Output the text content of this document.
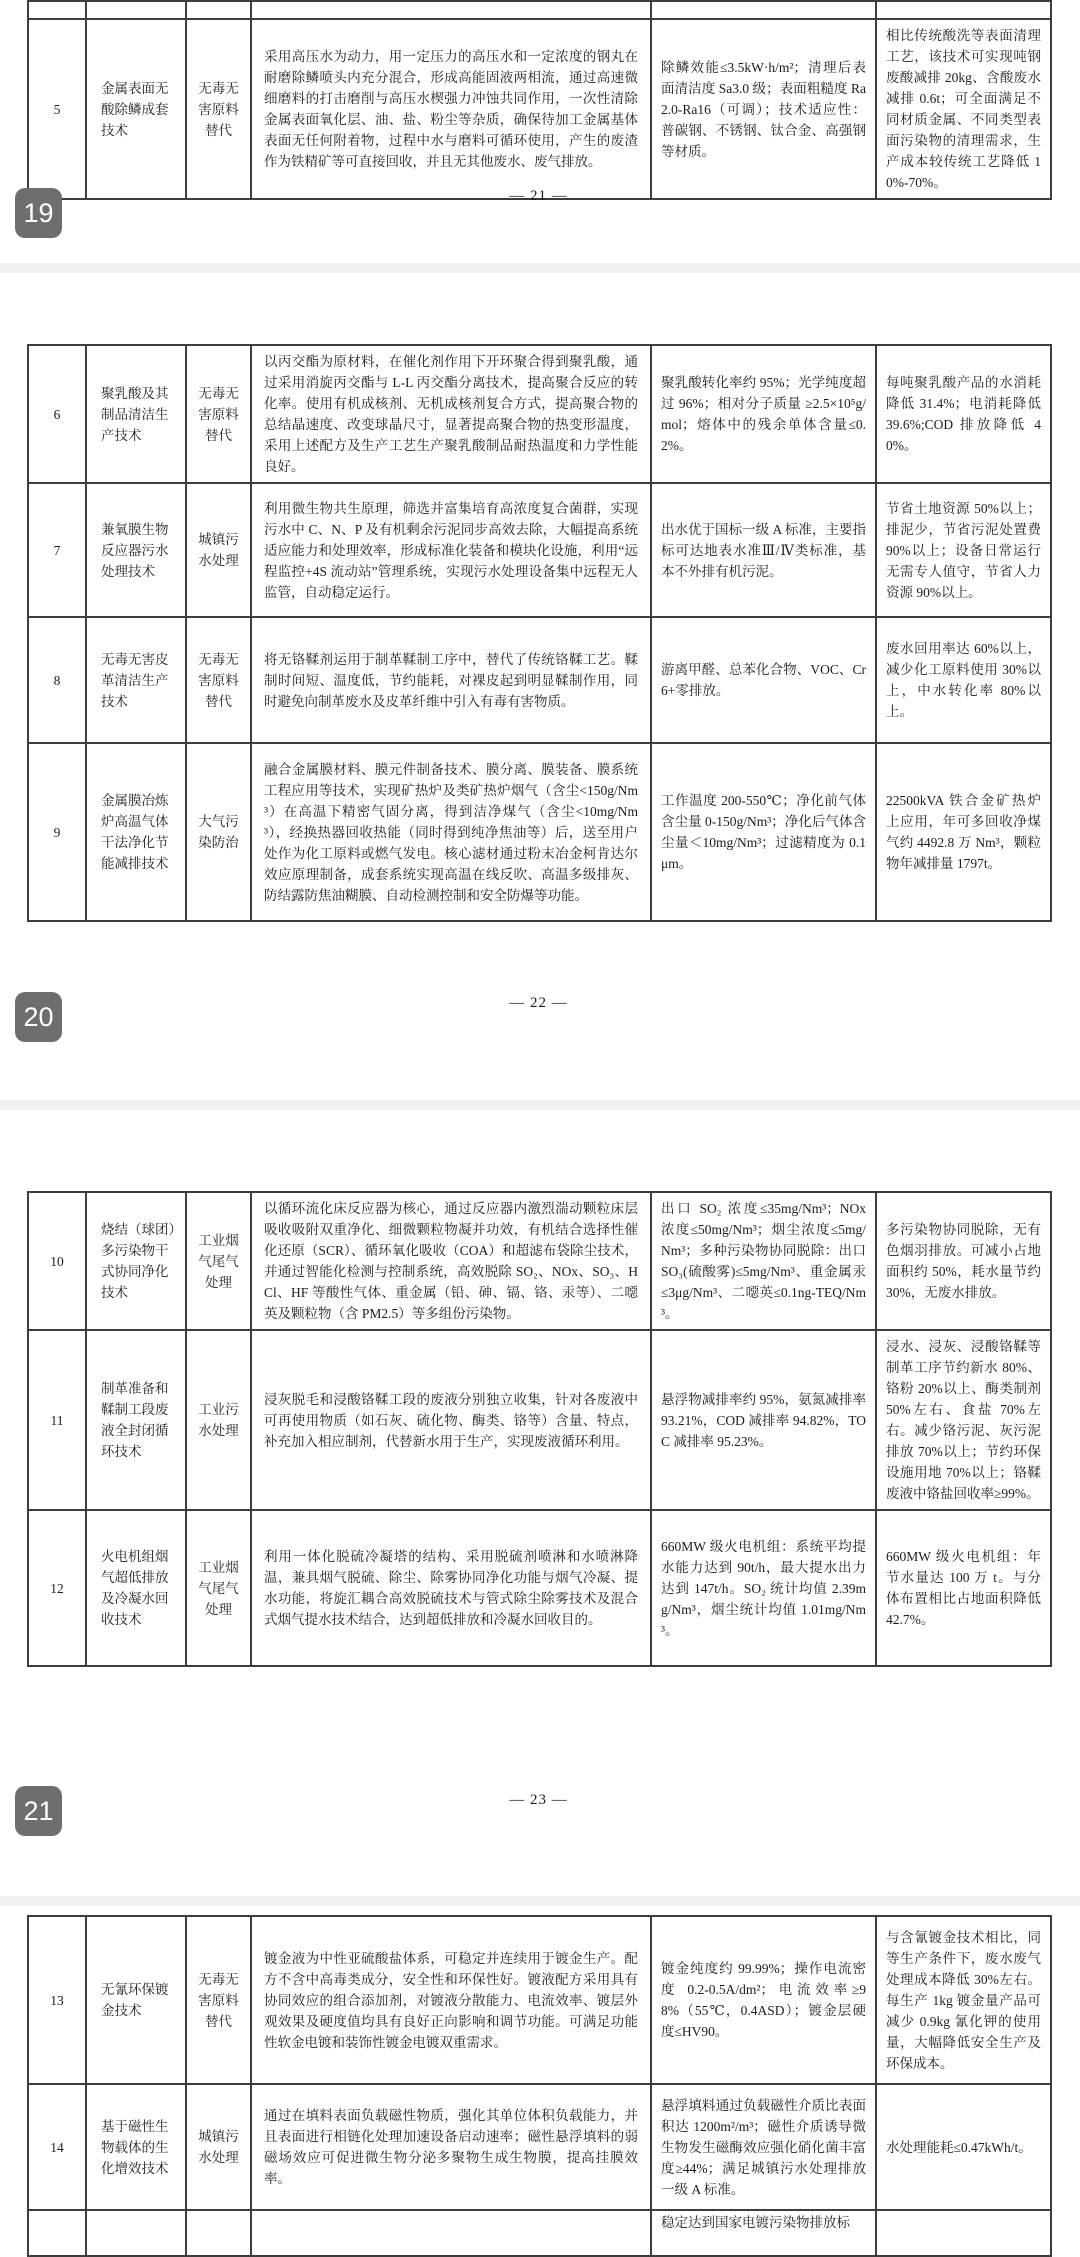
5	金属表面无酸除鳞成套技术	无毒无害原料替代	采用高压水为动力，用一定压力的高压水和一定浓度的钢丸在耐磨除鳞喷头内充分混合，形成高能固液两相流，通过高速微细磨料的打击磨削与高压水楔强力冲蚀共同作用，一次性清除金属表面氧化层、油、盐、粉尘等杂质，确保待加工金属基体表面无任何附着物，过程中水与磨料可循环使用，产生的废渣作为铁精矿等可直接回收，并且无其他废水、废气排放。	除鳞效能≤3.5kW·h/m²；清理后表面清洁度 Sa3.0 级；表面粗糙度 Ra2.0-Ra16（可调）；技术适应性：普碳钢、不锈钢、钛合金、高强钢等材质。	相比传统酸洗等表面清理工艺，该技术可实现吨钢废酸减排 20kg、含酸废水减排 0.6t；可全面满足不同材质金属、不同类型表面污染物的清理需求，生产成本较传统工艺降低 10%-70%。
— 21 —
19
6	聚乳酸及其制品清洁生产技术	无毒无害原料替代	以丙交酯为原材料，在催化剂作用下开环聚合得到聚乳酸，通过采用消旋丙交酯与 L-L 丙交酯分离技术，提高聚合反应的转化率。使用有机成核剂、无机成核剂复合方式，提高聚合物的总结晶速度、改变球晶尺寸，显著提高聚合物的热变形温度，采用上述配方及生产工艺生产聚乳酸制品耐热温度和力学性能良好。	聚乳酸转化率约 95%；光学纯度超过 96%；相对分子质量 ≥2.5×10⁵g/mol；熔体中的残余单体含量≤0.2%。	每吨聚乳酸产品的水消耗降低 31.4%；电消耗降低 39.6%;COD 排放降低 40%。
7	兼氧膜生物反应器污水处理技术	城镇污水处理	利用微生物共生原理，筛选并富集培育高浓度复合菌群，实现污水中 C、N、P 及有机剩余污泥同步高效去除，大幅提高系统适应能力和处理效率，形成标准化装备和模块化设施，利用“远程监控+4S 流动站”管理系统，实现污水处理设备集中远程无人监管，自动稳定运行。	出水优于国标一级 A 标准，主要指标可达地表水准Ⅲ/Ⅳ类标准，基本不外排有机污泥。	节省土地资源 50%以上；排泥少，节省污泥处置费 90%以上；设备日常运行无需专人值守，节省人力资源 90%以上。
8	无毒无害皮革清洁生产技术	无毒无害原料替代	将无铬鞣剂运用于制革鞣制工序中，替代了传统铬鞣工艺。鞣制时间短、温度低，节约能耗，对裸皮起到明显鞣制作用，同时避免向制革废水及皮革纤维中引入有毒有害物质。	游离甲醛、总苯化合物、VOC、Cr6+零排放。	废水回用率达 60%以上，减少化工原料使用 30%以上，中水转化率 80%以上。
9	金属膜冶炼炉高温气体干法净化节能减排技术	大气污染防治	融合金属膜材料、膜元件制备技术、膜分离、膜装备、膜系统工程应用等技术，实现矿热炉及类矿热炉烟气（含尘<150g/Nm³）在高温下精密气固分离，得到洁净煤气（含尘<10mg/Nm³），经换热器回收热能（同时得到纯净焦油等）后，送至用户处作为化工原料或燃气发电。核心滤材通过粉末冶金柯肯达尔效应原理制备，成套系统实现高温在线反吹、高温多级排灰、防结露防焦油糊膜、自动检测控制和安全防爆等功能。	工作温度 200-550℃；净化前气体含尘量 0-150g/Nm³；净化后气体含尘量＜10mg/Nm³；过滤精度为 0.1μm。	22500kVA 铁合金矿热炉上应用，年可多回收净煤气约 4492.8 万 Nm³，颗粒物年减排量 1797t。
— 22 —
20
10	烧结（球团）多污染物干式协同净化技术	工业烟气尾气处理	以循环流化床反应器为核心，通过反应器内激烈湍动颗粒床层吸收吸附双重净化、细微颗粒物凝并功效，有机结合选择性催化还原（SCR）、循环氧化吸收（COA）和超滤布袋除尘技术，并通过智能化检测与控制系统，高效脱除 SO₂、NOx、SO₃、HCl、HF 等酸性气体、重金属（铅、砷、镉、铬、汞等）、二噁英及颗粒物（含 PM2.5）等多组份污染物。	出口 SO₂ 浓度≤35mg/Nm³；NOx 浓度≤50mg/Nm³；烟尘浓度≤5mg/Nm³；多种污染物协同脱除：出口 SO₃(硫酸雾)≤5mg/Nm³、重金属汞≤3μg/Nm³、二噁英≤0.1ng-TEQ/Nm³。	多污染物协同脱除，无有色烟羽排放。可减小占地面积约 50%，耗水量节约 30%，无废水排放。
11	制革准备和鞣制工段废液全封闭循环技术	工业污水处理	浸灰脱毛和浸酸铬鞣工段的废液分别独立收集，针对各废液中可再使用物质（如石灰、硫化物、酶类、铬等）含量、特点，补充加入相应制剂，代替新水用于生产，实现废液循环利用。	悬浮物减排率约 95%，氨氮减排率 93.21%，COD 减排率 94.82%，TOC 减排率 95.23%。	浸水、浸灰、浸酸铬鞣等制革工序节约新水 80%、铬粉 20%以上、酶类制剂 50%左右、食盐 70%左右。减少铬污泥、灰污泥排放 70%以上；节约环保设施用地 70%以上；铬鞣废液中铬盐回收率≥99%。
12	火电机组烟气超低排放及冷凝水回收技术	工业烟气尾气处理	利用一体化脱硫冷凝塔的结构、采用脱硫剂喷淋和水喷淋降温，兼具烟气脱硫、除尘、除雾协同净化功能与烟气冷凝、提水功能，将旋汇耦合高效脱硫技术与管式除尘除雾技术及混合式烟气提水技术结合，达到超低排放和冷凝水回收目的。	660MW 级火电机组：系统平均提水能力达到 90t/h，最大提水出力达到 147t/h。SO₂ 统计均值 2.39mg/Nm³，烟尘统计均值 1.01mg/Nm³。	660MW 级火电机组：年节水量达 100 万 t。与分体布置相比占地面积降低 42.7%。
— 23 —
21
13	无氰环保镀金技术	无毒无害原料替代	镀金液为中性亚硫酸盐体系，可稳定并连续用于镀金生产。配方不含中高毒类成分，安全性和环保性好。镀液配方采用具有协同效应的组合添加剂，对镀液分散能力、电流效率、镀层外观效果及硬度值均具有良好正向影响和调节功能。可满足功能性软金电镀和装饰性镀金电镀双重需求。	镀金纯度约 99.99%；操作电流密度 0.2-0.5A/dm²；电流效率≥98%（55℃，0.4ASD）；镀金层硬度≤HV90。	与含氰镀金技术相比，同等生产条件下，废水废气处理成本降低 30%左右。每生产 1kg 镀金量产品可减少 0.9kg 氰化钾的使用量，大幅降低安全生产及环保成本。
14	基于磁性生物载体的生化增效技术	城镇污水处理	通过在填料表面负载磁性物质，强化其单位体积负载能力，并且表面进行相链化处理加速设备启动速率；磁性悬浮填料的弱磁场效应可促进微生物分泌多聚物生成生物膜，提高挂膜效率。	悬浮填料通过负载磁性介质比表面积达 1200m²/m³；磁性介质诱导微生物发生磁酶效应强化硝化菌丰富度≥44%；满足城镇污水处理排放一级 A 标准。	水处理能耗≤0.47kWh/t。
				稳定达到国家电镀污染物排放标	
